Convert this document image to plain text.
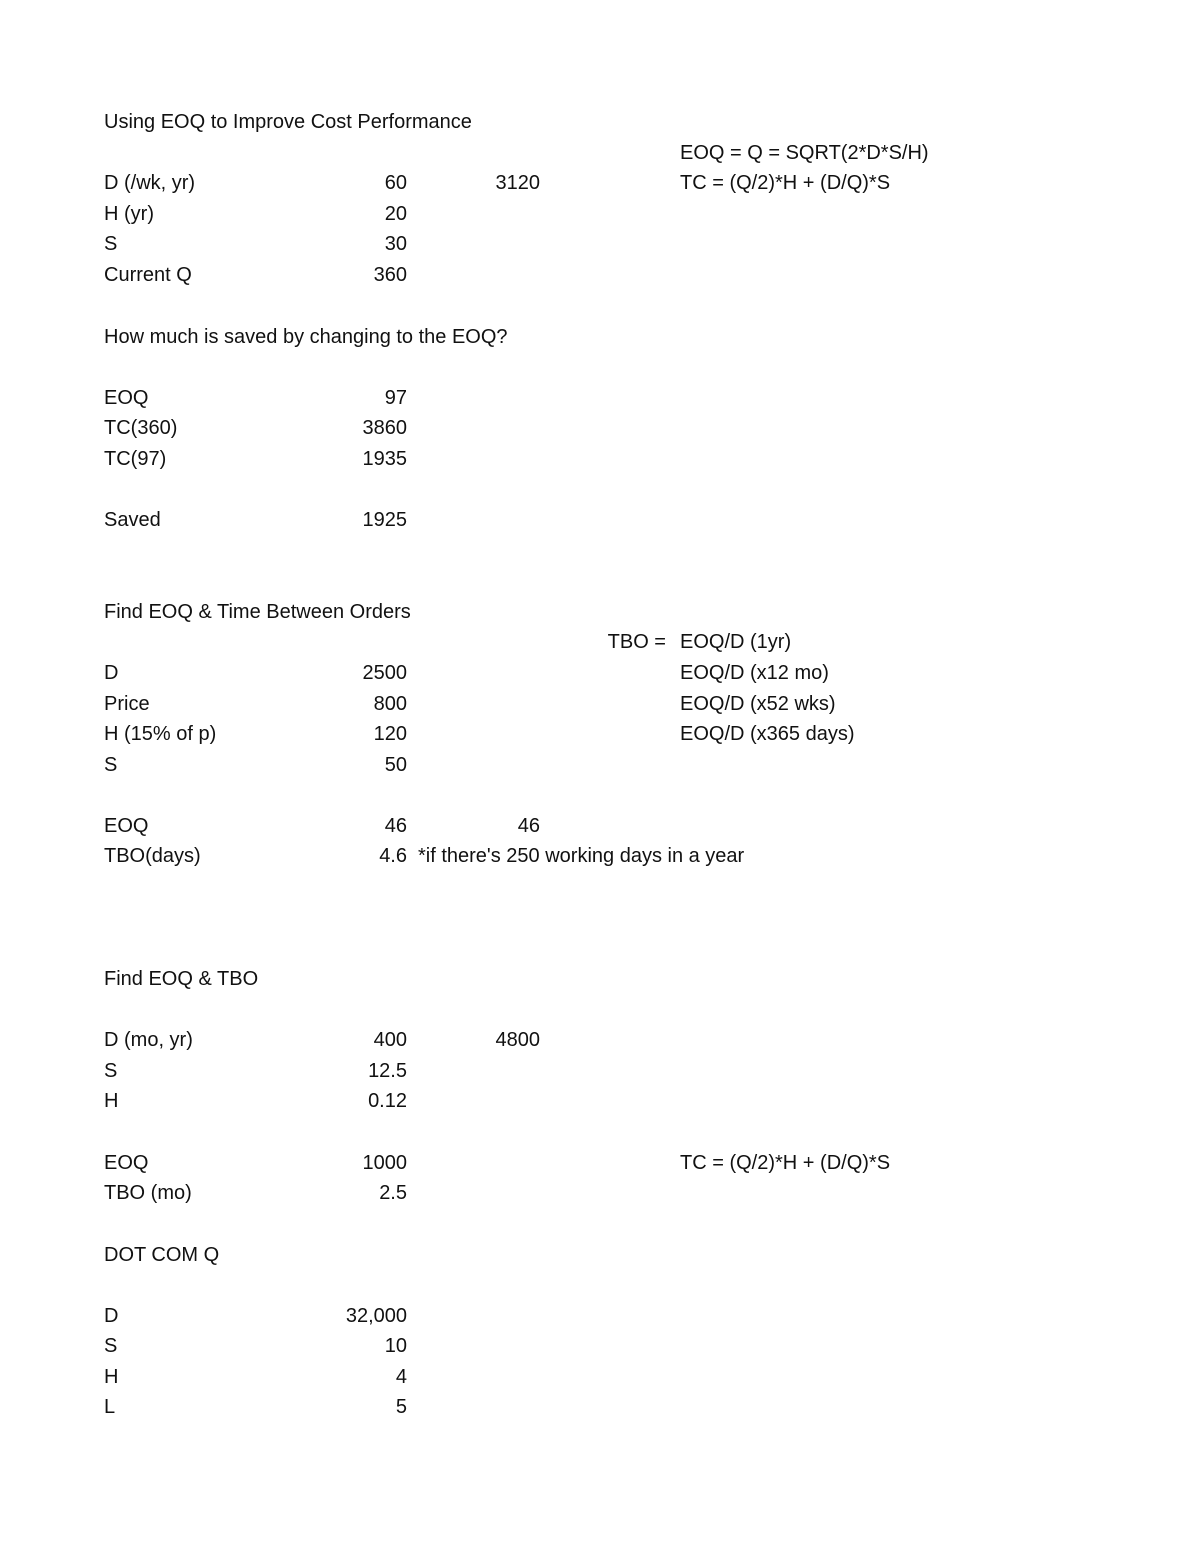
Using EOQ to Improve Cost Performance
EOQ = Q = SQRT(2*D*S/H)
D (/wk, yr)	60	3120	TC = (Q/2)*H + (D/Q)*S
H (yr)	20
S	30
Current Q	360
How much is saved by changing to the EOQ?
EOQ	97
TC(360)	3860
TC(97)	1935
Saved	1925
Find EOQ & Time Between Orders
TBO = EOQ/D (1yr)
D	2500	EOQ/D (x12 mo)
Price	800	EOQ/D (x52 wks)
H (15% of p)	120	EOQ/D (x365 days)
S	50
EOQ	46	46
TBO(days)	4.6 *if there's 250 working days in a year
Find EOQ & TBO
D (mo, yr)	400	4800
S	12.5
H	0.12
EOQ	1000	TC = (Q/2)*H + (D/Q)*S
TBO (mo)	2.5
DOT COM Q
D	32,000
S	10
H	4
L	5
